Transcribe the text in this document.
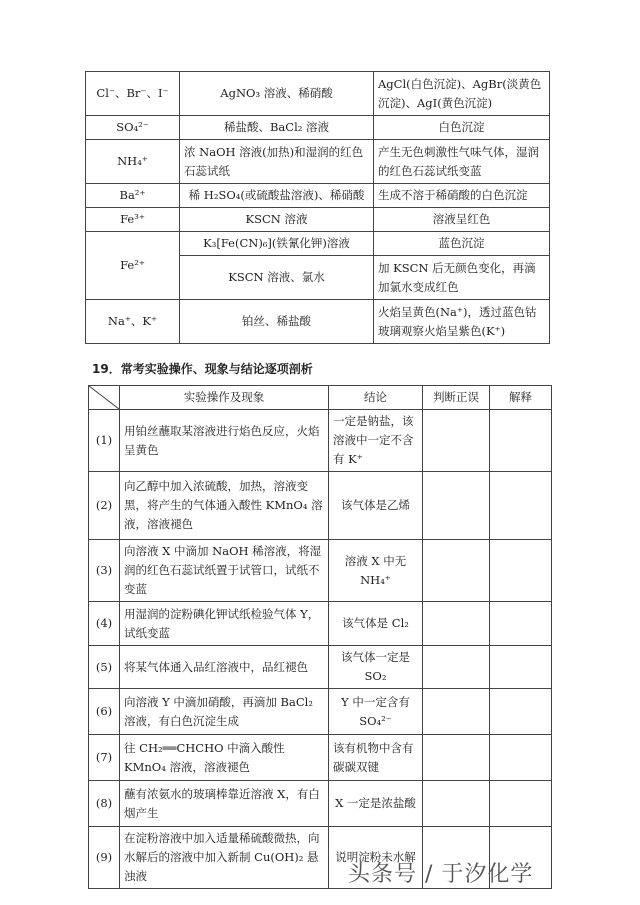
Cl⁻、Br⁻、I⁻	AgNO₃ 溶液、稀硝酸	AgCl(白色沉淀)、AgBr(淡黄色沉淀)、AgI(黄色沉淀)
SO₄²⁻	稀盐酸、BaCl₂ 溶液	白色沉淀
NH₄⁺	浓 NaOH 溶液(加热)和湿润的红色石蕊试纸	产生无色刺激性气味气体，湿润的红色石蕊试纸变蓝
Ba²⁺	稀 H₂SO₄(或硫酸盐溶液)、稀硝酸	生成不溶于稀硝酸的白色沉淀
Fe³⁺	KSCN 溶液	溶液呈红色
Fe²⁺	K₃[Fe(CN)₆](铁氰化钾)溶液	蓝色沉淀
	KSCN 溶液、氯水	加 KSCN 后无颜色变化，再滴加氯水变成红色
Na⁺、K⁺	铂丝、稀盐酸	火焰呈黄色(Na⁺)，透过蓝色钴玻璃观察火焰呈紫色(K⁺)
19．常考实验操作、现象与结论逐项剖析
	实验操作及现象	结论	判断正误	解释
(1)	用铂丝蘸取某溶液进行焰色反应，火焰呈黄色	一定是钠盐，该溶液中一定不含有 K⁺		
(2)	向乙醇中加入浓硫酸，加热，溶液变黑，将产生的气体通入酸性 KMnO₄ 溶液，溶液褪色	该气体是乙烯		
(3)	向溶液 X 中滴加 NaOH 稀溶液，将湿润的红色石蕊试纸置于试管口，试纸不变蓝	溶液 X 中无 NH₄⁺		
(4)	用湿润的淀粉碘化钾试纸检验气体 Y，试纸变蓝	该气体是 Cl₂		
(5)	将某气体通入品红溶液中，品红褪色	该气体一定是 SO₂		
(6)	向溶液 Y 中滴加硝酸，再滴加 BaCl₂ 溶液，有白色沉淀生成	Y 中一定含有 SO₄²⁻		
(7)	往 CH₂══CHCHO 中滴入酸性 KMnO₄ 溶液，溶液褪色	该有机物中含有碳碳双键		
(8)	蘸有浓氨水的玻璃棒靠近溶液 X，有白烟产生	X 一定是浓盐酸		
(9)	在淀粉溶液中加入适量稀硫酸微热，向水解后的溶液中加入新制 Cu(OH)₂ 悬浊液	说明淀粉未水解		
头条号 / 于汐化学
